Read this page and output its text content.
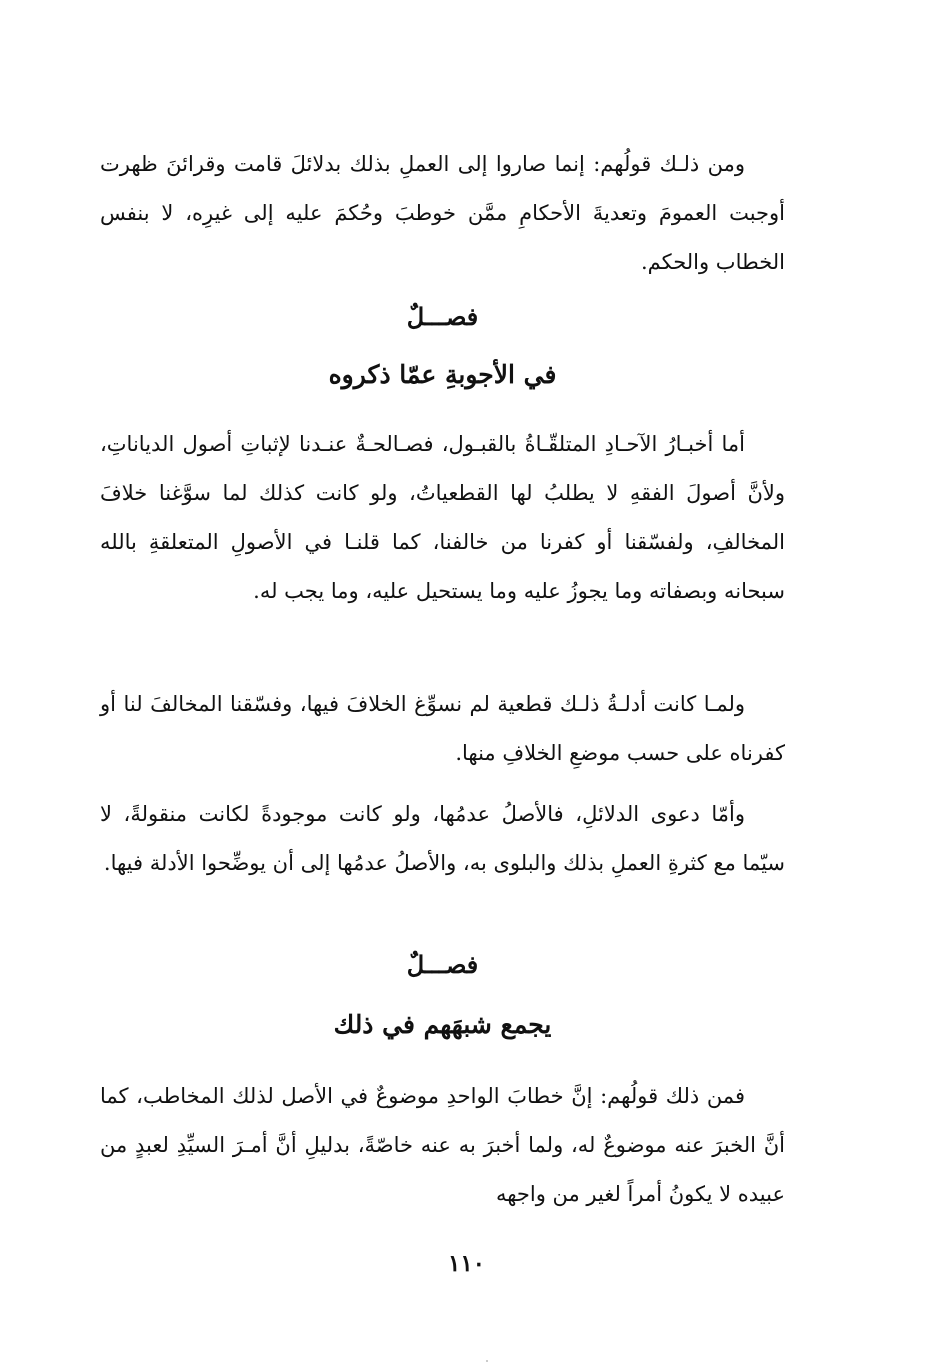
ومن ذلـك قولُهم: إنما صاروا إلى العملِ بذلك بدلائلَ قامت وقرائنَ ظهرت أوجبت العمومَ وتعديةَ الأحكامِ ممَّن خوطبَ وحُكمَ عليه إلى غيرِه، لا بنفس الخطاب والحكم.

فصـــلٌ
في الأجوبةِ عمّا ذكروه

أما أخبـارُ الآحـادِ المتلقّـاةُ بالقبـول، فصـالحـةٌ عنـدنا لإثباتِ أصول الدياناتِ، ولأنَّ أصولَ الفقهِ لا يطلبُ لها القطعياتُ، ولو كانت كذلك لما سوَّغنا خلافَ المخالفِ، ولفسّقنا أو كفرنا من خالفنا، كما قلنـا في الأصولِ المتعلقةِ بالله سبحانه وبصفاته وما يجوزُ عليه وما يستحيل عليه، وما يجب له.

ولمـا كانت أدلـةُ ذلـك قطعية لم نسوِّغ الخلافَ فيها، وفسّقنا المخالفَ لنا أو كفرناه على حسب موضعِ الخلافِ منها.

وأمّا دعوى الدلائلِ، فالأصلُ عدمُها، ولو كانت موجودةً لكانت منقولةً، لا سيّما مع كثرةِ العملِ بذلك والبلوى به، والأصلُ عدمُها إلى أن يوضِّحوا الأدلة فيها.

فصـــلٌ
يجمع شبهَهم في ذلك

فمن ذلك قولُهم: إنَّ خطابَ الواحدِ موضوعٌ في الأصل لذلك المخاطب، كما أنَّ الخبرَ عنه موضوعٌ له، ولما أخبرَ به عنه خاصّةً، بدليلِ أنَّ أمـرَ السيِّدِ لعبدٍ من عبيده لا يكونُ أمراً لغير من واجهه

١١٠
